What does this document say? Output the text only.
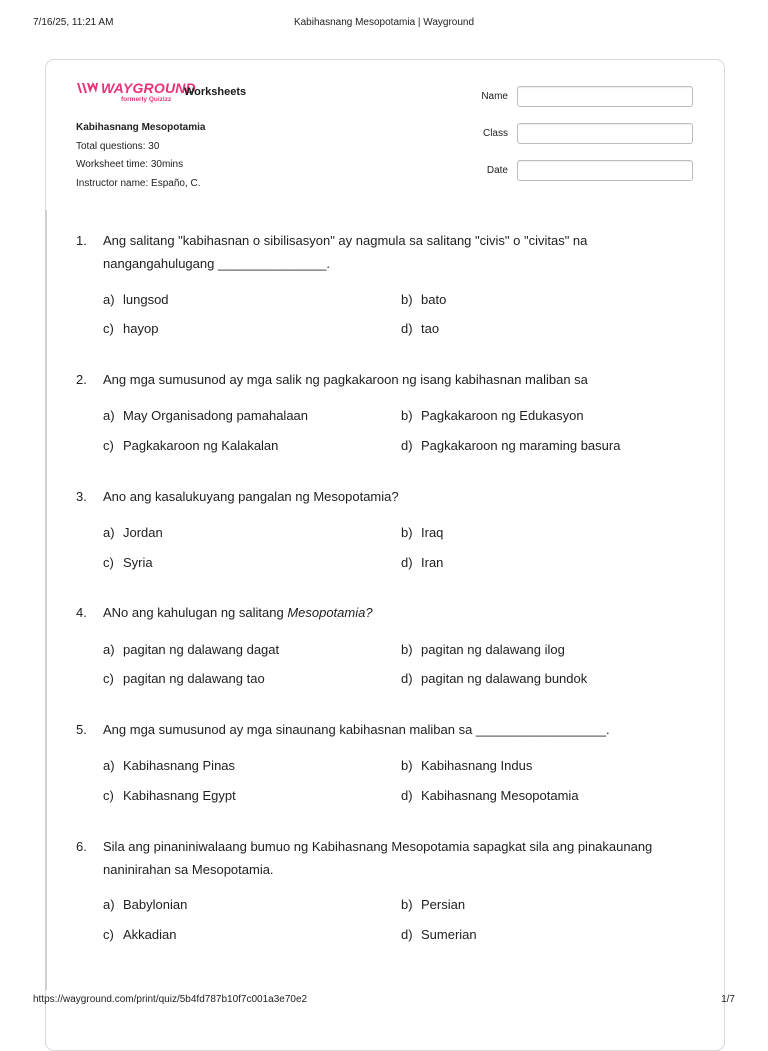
7/16/25, 11:21 AM	Kabihasnang Mesopotamia | Wayground
WAYGROUND
formerly Quizizz
Worksheets
Kabihasnang Mesopotamia
Total questions: 30
Worksheet time: 30mins
Instructor name: Españo, C.
Name
Class
Date
1.	Ang salitang "kabihasnan o sibilisasyon" ay nagmula sa salitang "civis" o "civitas" na
nangangahulugang _______________.
a) lungsod	b) bato
c) hayop	d) tao
2.	Ang mga sumusunod ay mga salik ng pagkakaroon ng isang kabihasnan maliban sa
a) May Organisadong pamahalaan	b) Pagkakaroon ng Edukasyon
c) Pagkakaroon ng Kalakalan	d) Pagkakaroon ng maraming basura
3.	Ano ang kasalukuyang pangalan ng Mesopotamia?
a) Jordan	b) Iraq
c) Syria	d) Iran
4.	ANo ang kahulugan ng salitang Mesopotamia?
a) pagitan ng dalawang dagat	b) pagitan ng dalawang ilog
c) pagitan ng dalawang tao	d) pagitan ng dalawang bundok
5.	Ang mga sumusunod ay mga sinaunang kabihasnan maliban sa __________________.
a) Kabihasnang Pinas	b) Kabihasnang Indus
c) Kabihasnang Egypt	d) Kabihasnang Mesopotamia
6.	Sila ang pinaniniwalaang bumuo ng Kabihasnang Mesopotamia sapagkat sila ang pinakaunang
naninirahan sa Mesopotamia.
a) Babylonian	b) Persian
c) Akkadian	d) Sumerian
https://wayground.com/print/quiz/5b4fd787b10f7c001a3e70e2	1/7
